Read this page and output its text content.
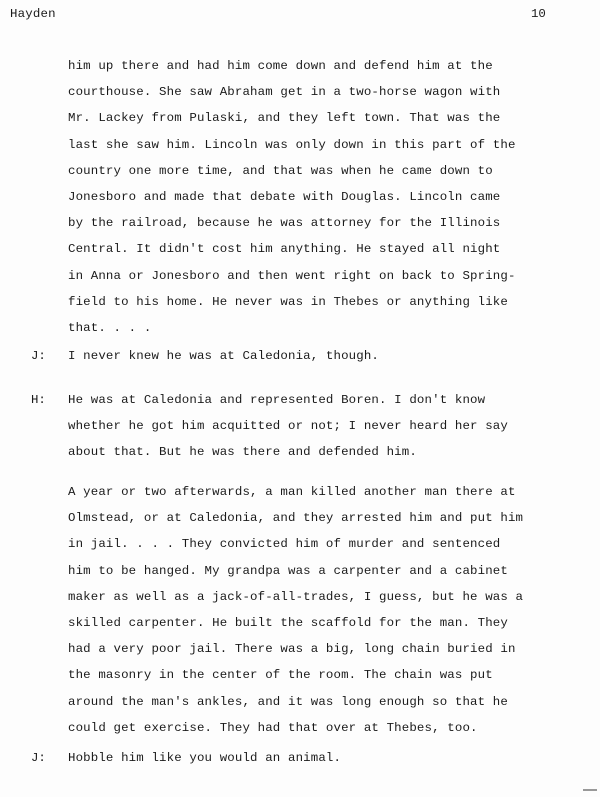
Hayden	10
him up there and had him come down and defend him at the
courthouse. She saw Abraham get in a two-horse wagon with
Mr. Lackey from Pulaski, and they left town. That was the
last she saw him. Lincoln was only down in this part of the
country one more time, and that was when he came down to
Jonesboro and made that debate with Douglas. Lincoln came
by the railroad, because he was attorney for the Illinois
Central. It didn't cost him anything. He stayed all night
in Anna or Jonesboro and then went right on back to Spring-
field to his home. He never was in Thebes or anything like
that. . . .
J: I never knew he was at Caledonia, though.
H: He was at Caledonia and represented Boren. I don't know
whether he got him acquitted or not; I never heard her say
about that. But he was there and defended him.
A year or two afterwards, a man killed another man there at
Olmstead, or at Caledonia, and they arrested him and put him
in jail. . . . They convicted him of murder and sentenced
him to be hanged. My grandpa was a carpenter and a cabinet
maker as well as a jack-of-all-trades, I guess, but he was a
skilled carpenter. He built the scaffold for the man. They
had a very poor jail. There was a big, long chain buried in
the masonry in the center of the room. The chain was put
around the man's ankles, and it was long enough so that he
could get exercise. They had that over at Thebes, too.
J: Hobble him like you would an animal.
